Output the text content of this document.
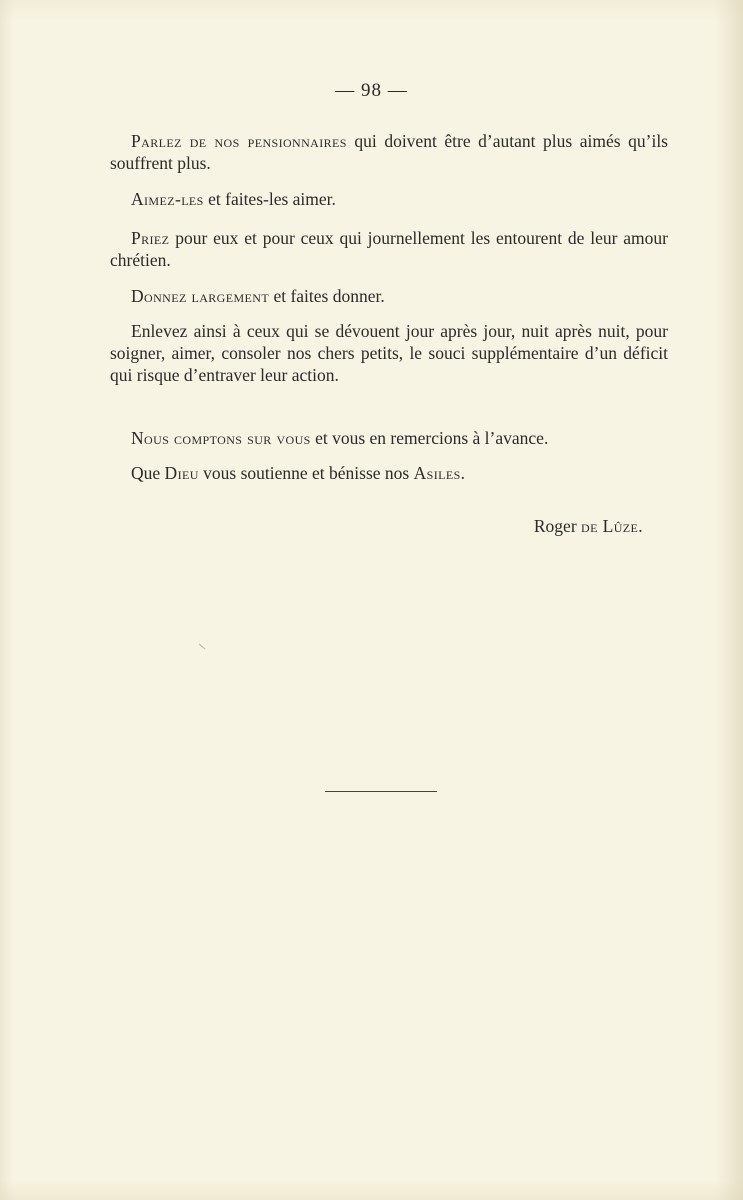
— 98 —

Parlez de nos pensionnaires qui doivent être d’autant plus aimés qu’ils souffrent plus.

Aimez-les et faites-les aimer.

Priez pour eux et pour ceux qui journellement les entourent de leur amour chrétien.

Donnez largement et faites donner.

Enlevez ainsi à ceux qui se dévouent jour après jour, nuit après nuit, pour soigner, aimer, consoler nos chers petits, le souci supplémentaire d’un déficit qui risque d’entraver leur action.

Nous comptons sur vous et vous en remercions à l’avance.

Que Dieu vous soutienne et bénisse nos Asiles.

Roger de Lûze.
